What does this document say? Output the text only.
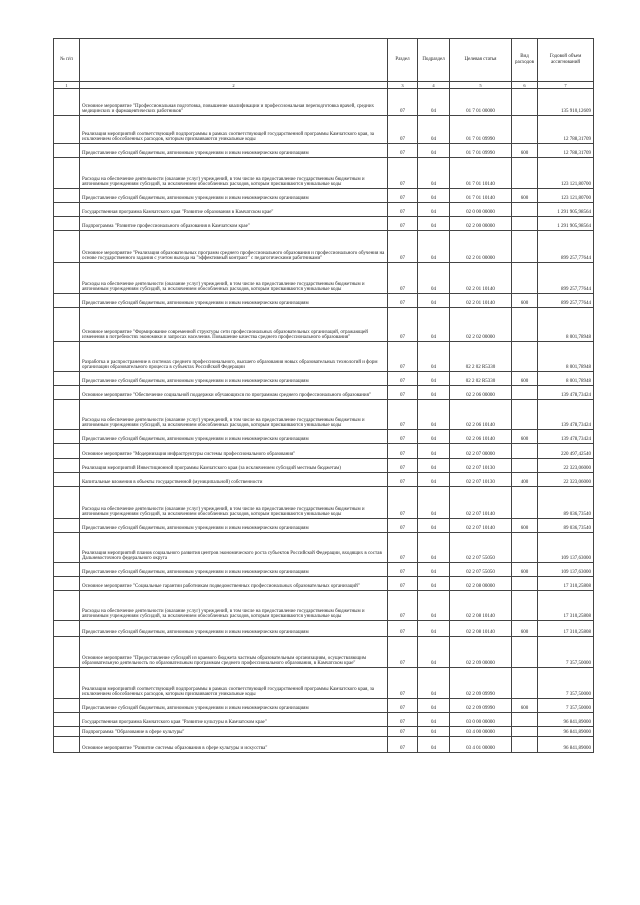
№ п/п		Раздел	Подраздел	Целевая статья	Вид расходов	Годовой объем ассигнований
1	2	3	4	5	6	7
	Основное мероприятие "Профессиональная подготовка, повышение квалификации и профессиональная переподготовка врачей, средних медицинских и фармацевтических работников"	07	04	01 7 01 00000		135 910,12609
	Реализация мероприятий соответствующей подпрограммы в рамках соответствующей государственной программы Камчатского края, за исключением обособленных расходов, которым присваиваются уникальные коды	07	04	01 7 01 09990		12 788,31709
	Предоставление субсидий бюджетным, автономным учреждениям и иным некоммерческим организациям	07	04	01 7 01 09990	600	12 788,31709
	Расходы на обеспечение деятельности (оказание услуг) учреждений, в том числе на предоставление государственным бюджетным и автономным учреждениям субсидий, за исключением обособленных расходов, которым присваиваются уникальные коды	07	04	01 7 01 10140		123 121,80700
	Предоставление субсидий бюджетным, автономным учреждениям и иным некоммерческим организациям	07	04	01 7 01 10140	600	123 121,80700
	Государственная программа Камчатского края "Развитие образования в Камчатском крае"	07	04	02 0 00 00000		1 291 905,98564
	Подпрограмма "Развитие профессионального образования в Камчатском крае"	07	04	02 2 00 00000		1 291 905,98564
	Основное мероприятие "Реализация образовательных программ среднего профессионального образования и профессионального обучения на основе государственного задания с учетом выхода на "эффективный контракт" с педагогическими работниками"	07	04	02 2 01 00000		899 257,77644
	Расходы на обеспечение деятельности (оказание услуг) учреждений, в том числе на предоставление государственным бюджетным и автономным учреждениям субсидий, за исключением обособленных расходов, которым присваиваются уникальные коды	07	04	02 2 01 10140		899 257,77644
	Предоставление субсидий бюджетным, автономным учреждениям и иным некоммерческим организациям	07	04	02 2 01 10140	600	899 257,77644
	Основное мероприятие "Формирование современной структуры сети профессиональных образовательных организаций, отражающей изменения в потребностях экономики и запросах населения. Повышение качества среднего профессионального образования"	07	04	02 2 02 00000		8 001,78948
	Разработка и распространение в системах среднего профессионального, высшего образования новых образовательных технологий и форм организации образовательного процесса в субъектах Российской Федерации	07	04	02 2 02 R5330		8 001,78948
	Предоставление субсидий бюджетным, автономным учреждениям и иным некоммерческим организациям	07	04	02 2 02 R5330	600	8 001,78948
	Основное мероприятие "Обеспечение социальной поддержки обучающихся по программам среднего профессионального образования"	07	04	02 2 06 00000		139 478,73424
	Расходы на обеспечение деятельности (оказание услуг) учреждений, в том числе на предоставление государственным бюджетным и автономным учреждениям субсидий, за исключением обособленных расходов, которым присваиваются уникальные коды	07	04	02 2 06 10140		139 478,73424
	Предоставление субсидий бюджетным, автономным учреждениям и иным некоммерческим организациям	07	04	02 2 06 10140	600	139 478,73424
	Основное мероприятие "Модернизация инфраструктуры системы профессионального образования"	07	04	02 2 07 00000		220 497,42540
	Реализация мероприятий Инвестиционной программы Камчатского края (за исключением субсидий местным бюджетам)	07	04	02 2 07 10130		22 323,06000
	Капитальные вложения в объекты государственной (муниципальной) собственности	07	04	02 2 07 10130	400	22 323,06000
	Расходы на обеспечение деятельности (оказание услуг) учреждений, в том числе на предоставление государственным бюджетным и автономным учреждениям субсидий, за исключением обособленных расходов, которым присваиваются уникальные коды	07	04	02 2 07 10140		89 036,73540
	Предоставление субсидий бюджетным, автономным учреждениям и иным некоммерческим организациям	07	04	02 2 07 10140	600	89 036,73540
	Реализация мероприятий планов социального развития центров экономического роста субъектов Российской Федерации, входящих в состав Дальневосточного федерального округа	07	04	02 2 07 55050		109 137,63000
	Предоставление субсидий бюджетным, автономным учреждениям и иным некоммерческим организациям	07	04	02 2 07 55050	600	109 137,63000
	Основное мероприятие "Социальные гарантии работникам подведомственных профессиональных образовательных организаций"	07	04	02 2 08 00000		17 310,25808
	Расходы на обеспечение деятельности (оказание услуг) учреждений, в том числе на предоставление государственным бюджетным и автономным учреждениям субсидий, за исключением обособленных расходов, которым присваиваются уникальные коды	07	04	02 2 08 10140		17 310,25808
	Предоставление субсидий бюджетным, автономным учреждениям и иным некоммерческим организациям	07	04	02 2 08 10140	600	17 310,25808
	Основное мероприятие "Предоставление субсидий из краевого бюджета частным образовательным организациям, осуществляющим образовательную деятельность по образовательным программам среднего профессионального образования, в Камчатском крае"	07	04	02 2 09 00000		7 357,50000
	Реализация мероприятий соответствующей подпрограммы в рамках соответствующей государственной программы Камчатского края, за исключением обособленных расходов, которым присваиваются уникальные коды	07	04	02 2 09 09990		7 357,50000
	Предоставление субсидий бюджетным, автономным учреждениям и иным некоммерческим организациям	07	04	02 2 09 09990	600	7 357,50000
	Государственная программа Камчатского края "Развитие культуры в Камчатском крае"	07	04	03 0 00 00000		96 841,89000
	Подпрограмма "Образование в сфере культуры"	07	04	03 4 00 00000		96 841,89000
	Основное мероприятие "Развитие системы образования в сфере культуры и искусства"	07	04	03 4 01 00000		96 841,89000
